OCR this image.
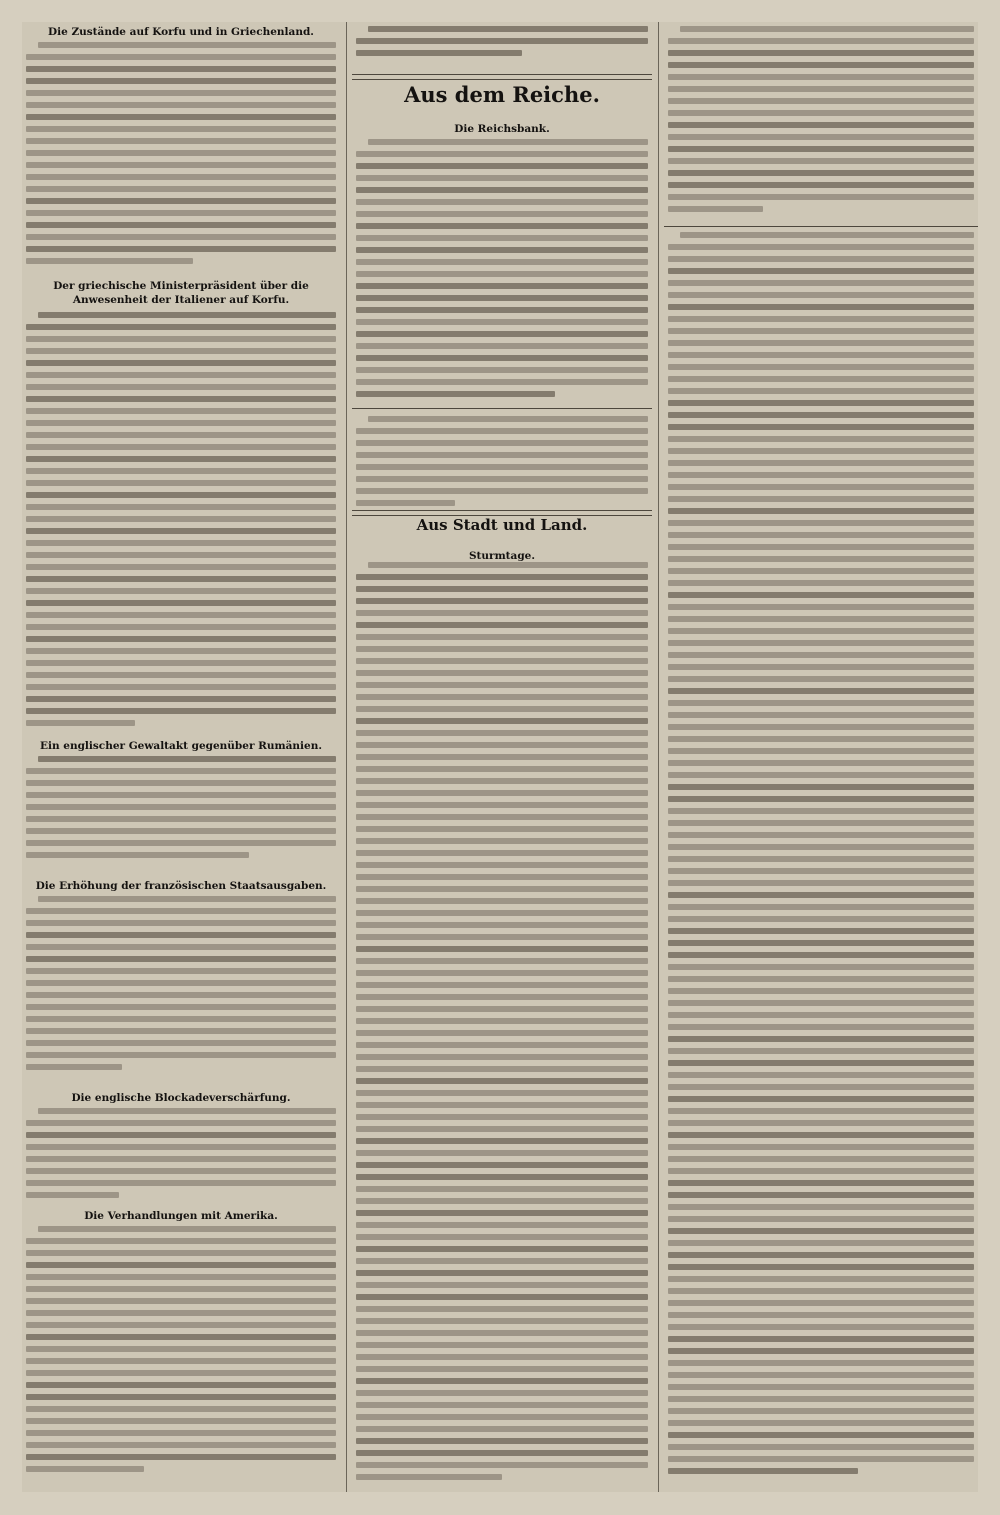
Aus dem Reiche.
Aus Stadt und Land.
Die Zustände auf Korfu und in Griechenland.
Der griechische Ministerpräsident über die
Anwesenheit der Italiener auf Korfu.
Ein englischer Gewaltakt gegenüber Rumänien.
Die Erhöhung der französischen Staatsausgaben.
Die englische Blockadeverschärfung.
Die Verhandlungen mit Amerika.
Die Reichsbank.
Sturmtage.
